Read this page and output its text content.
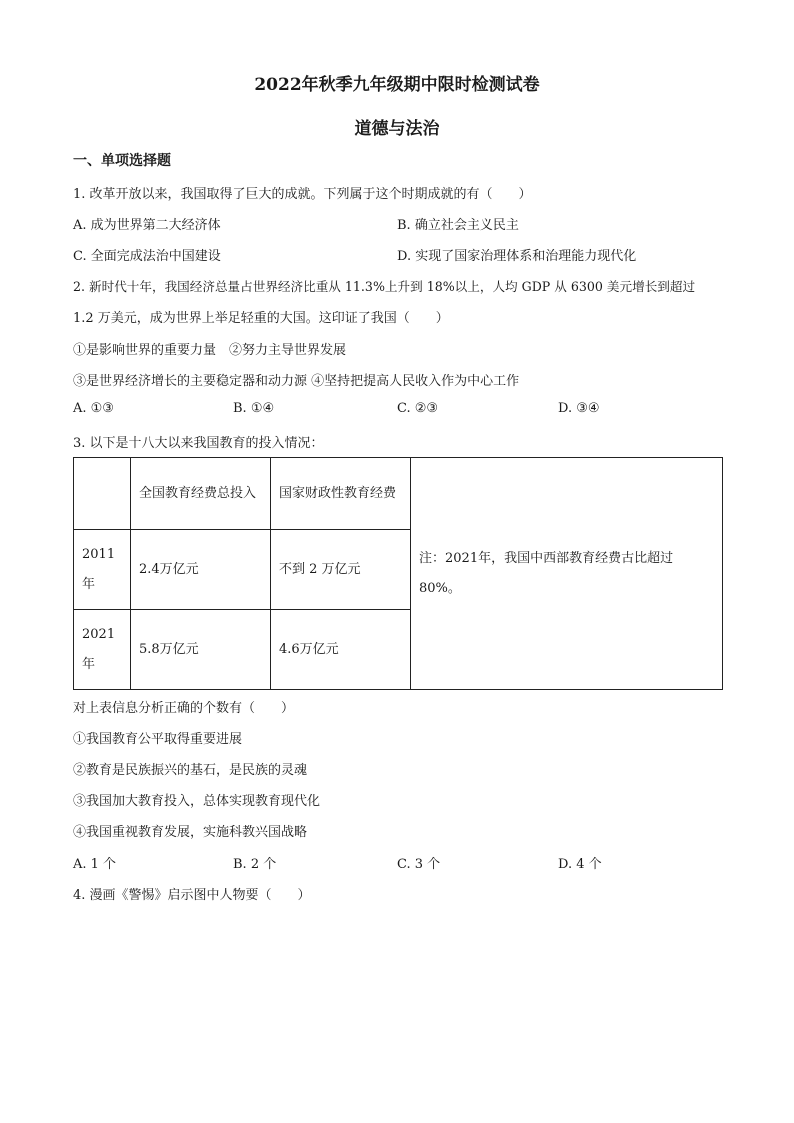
2022年秋季九年级期中限时检测试卷
道德与法治
一、单项选择题
1. 改革开放以来，我国取得了巨大的成就。下列属于这个时期成就的有（　　）
A. 成为世界第二大经济体	B. 确立社会主义民主
C. 全面完成法治中国建设	D. 实现了国家治理体系和治理能力现代化
2. 新时代十年，我国经济总量占世界经济比重从 11.3%上升到 18%以上，人均 GDP 从 6300 美元增长到超过
1.2 万美元，成为世界上举足轻重的大国。这印证了我国（　　）
①是影响世界的重要力量　②努力主导世界发展
③是世界经济增长的主要稳定器和动力源 ④坚持把提高人民收入作为中心工作
A. ①③	B. ①④	C. ②③	D. ③④
3. 以下是十八大以来我国教育的投入情况：
	全国教育经费总投入	国家财政性教育经费	注：2021年，我国中西部教育经费古比超过80%。
2011年	2.4万亿元	不到 2 万亿元	
2021年	5.8万亿元	4.6万亿元	
对上表信息分析正确的个数有（　　）
①我国教育公平取得重要进展
②教育是民族振兴的基石，是民族的灵魂
③我国加大教育投入，总体实现教育现代化
④我国重视教育发展，实施科教兴国战略
A. 1 个	B. 2 个	C. 3 个	D. 4 个
4. 漫画《警惕》启示图中人物要（　　）
